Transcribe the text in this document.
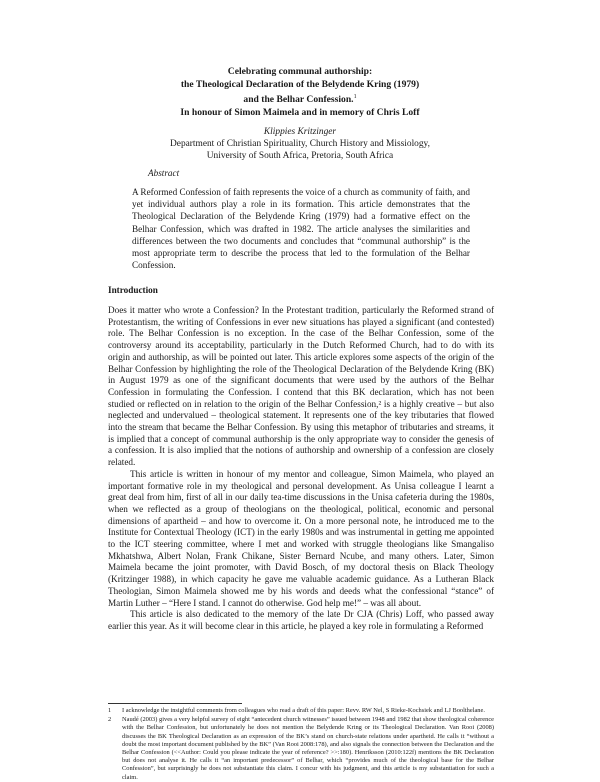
Celebrating communal authorship:
the Theological Declaration of the Belydende Kring (1979)
and the Belhar Confession.$^1$
In honour of Simon Maimela and in memory of Chris Loff
Klippies Kritzinger
Department of Christian Spirituality, Church History and Missiology,
University of South Africa, Pretoria, South Africa
Abstract
A Reformed Confession of faith represents the voice of a church as community of faith, and yet individual authors play a role in its formation. This article demonstrates that the Theological Declaration of the Belydende Kring (1979) had a formative effect on the Belhar Confession, which was drafted in 1982. The article analyses the similarities and differences between the two documents and concludes that “communal authorship” is the most appropriate term to describe the process that led to the formulation of the Belhar Confession.
Introduction

Does it matter who wrote a Confession? In the Protestant tradition, particularly the Reformed strand of Protestantism, the writing of Confessions in ever new situations has played a significant (and contested) role. The Belhar Confession is no exception. In the case of the Belhar Confession, some of the controversy around its acceptability, particularly in the Dutch Reformed Church, had to do with its origin and authorship, as will be pointed out later. This article explores some aspects of the origin of the Belhar Confession by highlighting the role of the Theological Declaration of the Belydende Kring (BK) in August 1979 as one of the significant documents that were used by the authors of the Belhar Confession in formulating the Confession. I contend that this BK declaration, which has not been studied or reflected on in relation to the origin of the Belhar Confession,² is a highly creative – but also neglected and undervalued – theological statement. It represents one of the key tributaries that flowed into the stream that became the Belhar Confession. By using this metaphor of tributaries and streams, it is implied that a concept of communal authorship is the only appropriate way to consider the genesis of a confession. It is also implied that the notions of authorship and ownership of a confession are closely related.

This article is written in honour of my mentor and colleague, Simon Maimela, who played an important formative role in my theological and personal development. As Unisa colleague I learnt a great deal from him, first of all in our daily tea-time discussions in the Unisa cafeteria during the 1980s, when we reflected as a group of theologians on the theological, political, economic and personal dimensions of apartheid – and how to overcome it. On a more personal note, he introduced me to the Institute for Contextual Theology (ICT) in the early 1980s and was instrumental in getting me appointed to the ICT steering committee, where I met and worked with struggle theologians like Smangaliso Mkhatshwa, Albert Nolan, Frank Chikane, Sister Bernard Ncube, and many others. Later, Simon Maimela became the joint promoter, with David Bosch, of my doctoral thesis on Black Theology (Kritzinger 1988), in which capacity he gave me valuable academic guidance. As a Lutheran Black Theologian, Simon Maimela showed me by his words and deeds what the confessional “stance” of Martin Luther – “Here I stand. I cannot do otherwise. God help me!” – was all about.

This article is also dedicated to the memory of the late Dr CJA (Chris) Loff, who passed away earlier this year. As it will become clear in this article, he played a key role in formulating a Reformed

1 I acknowledge the insightful comments from colleagues who read a draft of this paper: Revv. RW Nel, S Rieke-Kochsiek and LJ Boolthelane.
2 Naudé (2003) gives a very helpful survey of eight “antecedent church witnesses” issued between 1948 and 1982 that show theological coherence with the Belhar Confession, but unfortunately he does not mention the Belydende Kring or its Theological Declaration. Van Rooi (2008) discusses the BK Theological Declaration as an expression of the BK’s stand on church-state relations under apartheid. He calls it “without a doubt the most important document published by the BK” (Van Rooi 2008:178), and also signals the connection between the Declaration and the Belhar Confession (<<Author: Could you please indicate the year of reference? >>:180). Henriksson (2010:122f) mentions the BK Declaration but does not analyse it. He calls it “an important predecessor” of Belhar, which “provides much of the theological base for the Belhar Confession”, but surprisingly he does not substantiate this claim. I concur with his judgment, and this article is my substantiation for such a claim.
